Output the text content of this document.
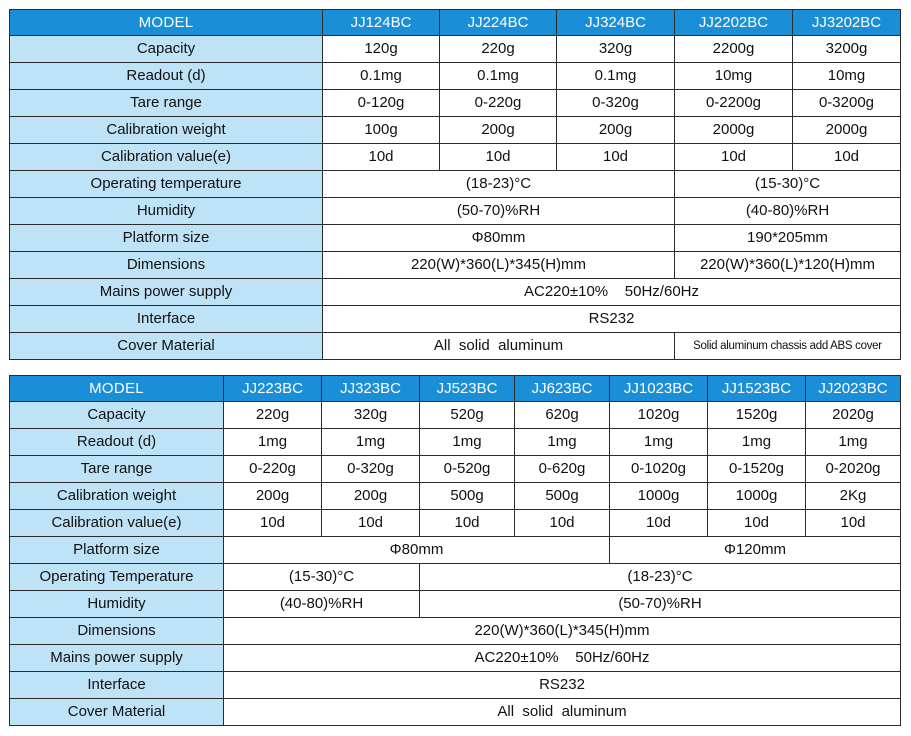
MODEL	JJ124BC	JJ224BC	JJ324BC	JJ2202BC	JJ3202BC
Capacity	120g	220g	320g	2200g	3200g
Readout (d)	0.1mg	0.1mg	0.1mg	10mg	10mg
Tare range	0-120g	0-220g	0-320g	0-2200g	0-3200g
Calibration weight	100g	200g	200g	2000g	2000g
Calibration value(e)	10d	10d	10d	10d	10d
Operating temperature	(18-23)°C			(15-30)°C	
Humidity	(50-70)%RH			(40-80)%RH	
Platform size	Φ80mm			190*205mm	
Dimensions	220(W)*360(L)*345(H)mm			220(W)*360(L)*120(H)mm	
Mains power supply	AC220±10%    50Hz/60Hz				
Interface	RS232				
Cover Material	All  solid  aluminum			Solid aluminum chassis add ABS cover	
MODEL	JJ223BC	JJ323BC	JJ523BC	JJ623BC	JJ1023BC	JJ1523BC	JJ2023BC
Capacity	220g	320g	520g	620g	1020g	1520g	2020g
Readout (d)	1mg	1mg	1mg	1mg	1mg	1mg	1mg
Tare range	0-220g	0-320g	0-520g	0-620g	0-1020g	0-1520g	0-2020g
Calibration weight	200g	200g	500g	500g	1000g	1000g	2Kg
Calibration value(e)	10d	10d	10d	10d	10d	10d	10d
Platform size	Φ80mm				Φ120mm		
Operating Temperature	(15-30)°C		(18-23)°C				
Humidity	(40-80)%RH		(50-70)%RH				
Dimensions	220(W)*360(L)*345(H)mm						
Mains power supply	AC220±10%    50Hz/60Hz						
Interface	RS232						
Cover Material	All  solid  aluminum						
